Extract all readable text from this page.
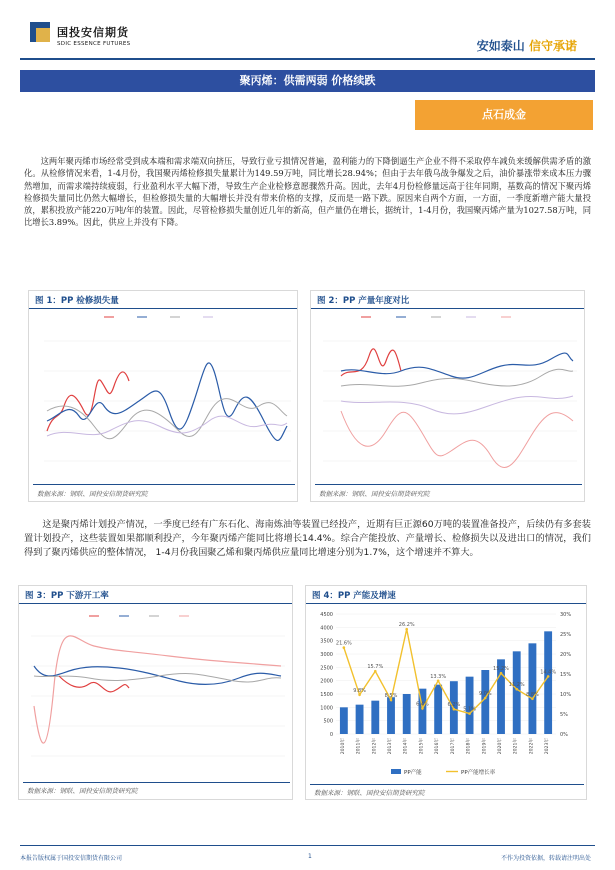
国投安信期货
SDIC ESSENCE FUTURES	安如泰山 信守承诺
聚丙烯：供需两弱 价格续跌
点石成金
这两年聚丙烯市场经常受到成本端和需求端双向挤压，导致行业亏损情况普遍，盈利能力的下降倒逼生产企业不得不采取停车减负来缓解供需矛盾的激化。从检修情况来看，1-4月份，我国聚丙烯检修损失量累计为149.59万吨，同比增长28.94%；但由于去年俄乌战争爆发之后，油价暴涨带来成本压力骤然增加，而需求端持续疲弱，行业盈利水平大幅下滑，导致生产企业检修意愿骤然升高。因此，去年4月份检修量远高于往年同期，基数高的情况下聚丙烯检修损失量同比仍然大幅增长，但检修损失量的大幅增长并没有带来价格的支撑，反而是一路下跌。原因来自两个方面，一方面，一季度新增产能大量投放，累积投放产能220万吨/年的装置。因此，尽管检修损失量创近几年的新高，但产量仍在增长，据统计，1-4月份，我国聚丙烯产量为1027.58万吨，同比增长3.89%。因此，供应上并没有下降。
图 1：PP 检修损失量
数据来源：钢联、国投安信期货研究院
图 2：PP 产量年度对比
数据来源：钢联、国投安信期货研究院
这是聚丙烯计划投产情况，一季度已经有广东石化、海南炼油等装置已经投产，近期有巨正源60万吨的装置准备投产，后续仍有多套装置计划投产，这些装置如果都顺利投产，今年聚丙烯产能同比将增长14.4%。综合产能投放、产量增长、检修损失以及进出口的情况，我们得到了聚丙烯供应的整体情况， 1-4月份我国聚乙烯和聚丙烯供应量同比增速分别为1.7%，这个增速并不算大。
图 3：PP 下游开工率
数据来源：钢联、国投安信期货研究院
图 4：PP 产能及增速
0
500
1000
1500
2000
2500
3000
3500
4000
4500
0%
5%
10%
15%
20%
25%
30%
2010年	2011年	2012年	2013年	2014年	2015年	2016年	2017年	2018年	2019年	2020年	2021年	2022年	2023年
21.6%
9.8%
15.7%
8.5%
26.2%
6.4%
13.3%
6.2%
5.1%
9.0%
15.2%
11.2%
8.8%
14.4%
PP产能	PP产能增长率
数据来源：钢联、国投安信期货研究院
本报告版权属于国投安信期货有限公司	1	不作为投资依据，转载请注明出处
